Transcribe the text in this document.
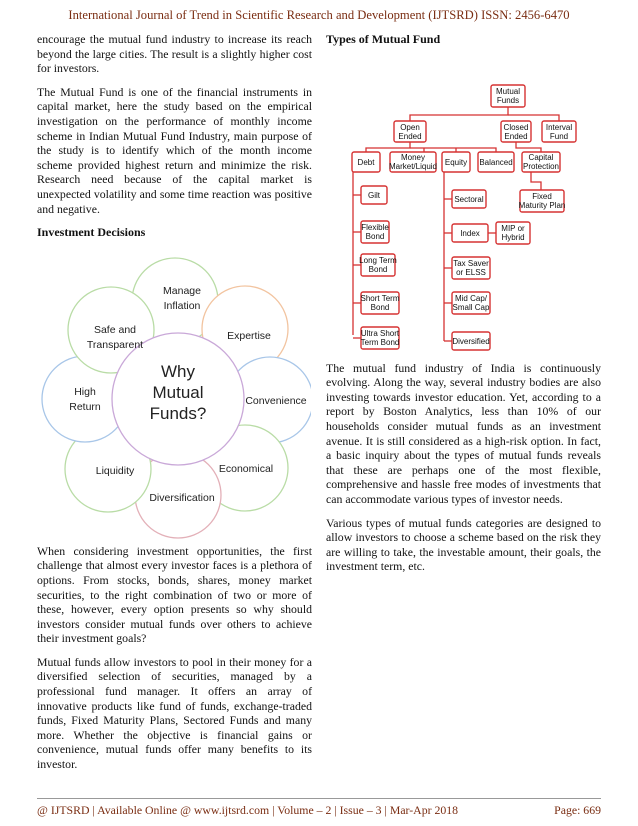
International Journal of Trend in Scientific Research and Development (IJTSRD) ISSN: 2456-6470

encourage the mutual fund industry to increase its reach beyond the large cities. The result is a slightly higher cost for investors.

The Mutual Fund is one of the financial instruments in capital market, here the study based on the empirical investigation on the performance of monthly income scheme in Indian Mutual Fund Industry, main purpose of the study is to identify which of the month income scheme provided highest return and minimize the risk. Research need because of the capital market is unexpected volatility and some time reaction was positive and negative.

Investment Decisions
Why
Mutual
Funds?
Manage
Inflation
Expertise
Convenience
Economical
Diversification
Liquidity
High
Return
Safe and
Transparent

When considering investment opportunities, the first challenge that almost every investor faces is a plethora of options. From stocks, bonds, shares, money market securities, to the right combination of two or more of these, however, every option presents so why should investors consider mutual funds over others to achieve their investment goals?

Mutual funds allow investors to pool in their money for a diversified selection of securities, managed by a professional fund manager. It offers an array of innovative products like fund of funds, exchange-traded funds, Fixed Maturity Plans, Sectored Funds and many more. Whether the objective is financial gains or convenience, mutual funds offer many benefits to its investor.

Types of Mutual Fund
Mutual
Funds
Open
Ended
Closed
Ended
Interval
Fund
Debt
Money
Market/Liquid Equity Balanced
Capital
Protection
Fixed
Maturity Plan
Gilt
Flexible
Bond
Long Term
Bond
Short Term
Bond
Ultra Short
Term Bond
Sectoral
Index
MIP or
Hybrid
Tax Saver
or ELSS
Mid Cap/
Small Cap
Diversified

The mutual fund industry of India is continuously evolving. Along the way, several industry bodies are also investing towards investor education. Yet, according to a report by Boston Analytics, less than 10% of our households consider mutual funds as an investment avenue. It is still considered as a high-risk option. In fact, a basic inquiry about the types of mutual funds reveals that these are perhaps one of the most flexible, comprehensive and hassle free modes of investments that can accommodate various types of investor needs.

Various types of mutual funds categories are designed to allow investors to choose a scheme based on the risk they are willing to take, the investable amount, their goals, the investment term, etc.

@ IJTSRD | Available Online @ www.ijtsrd.com | Volume – 2 | Issue – 3 | Mar-Apr 2018	Page: 669
